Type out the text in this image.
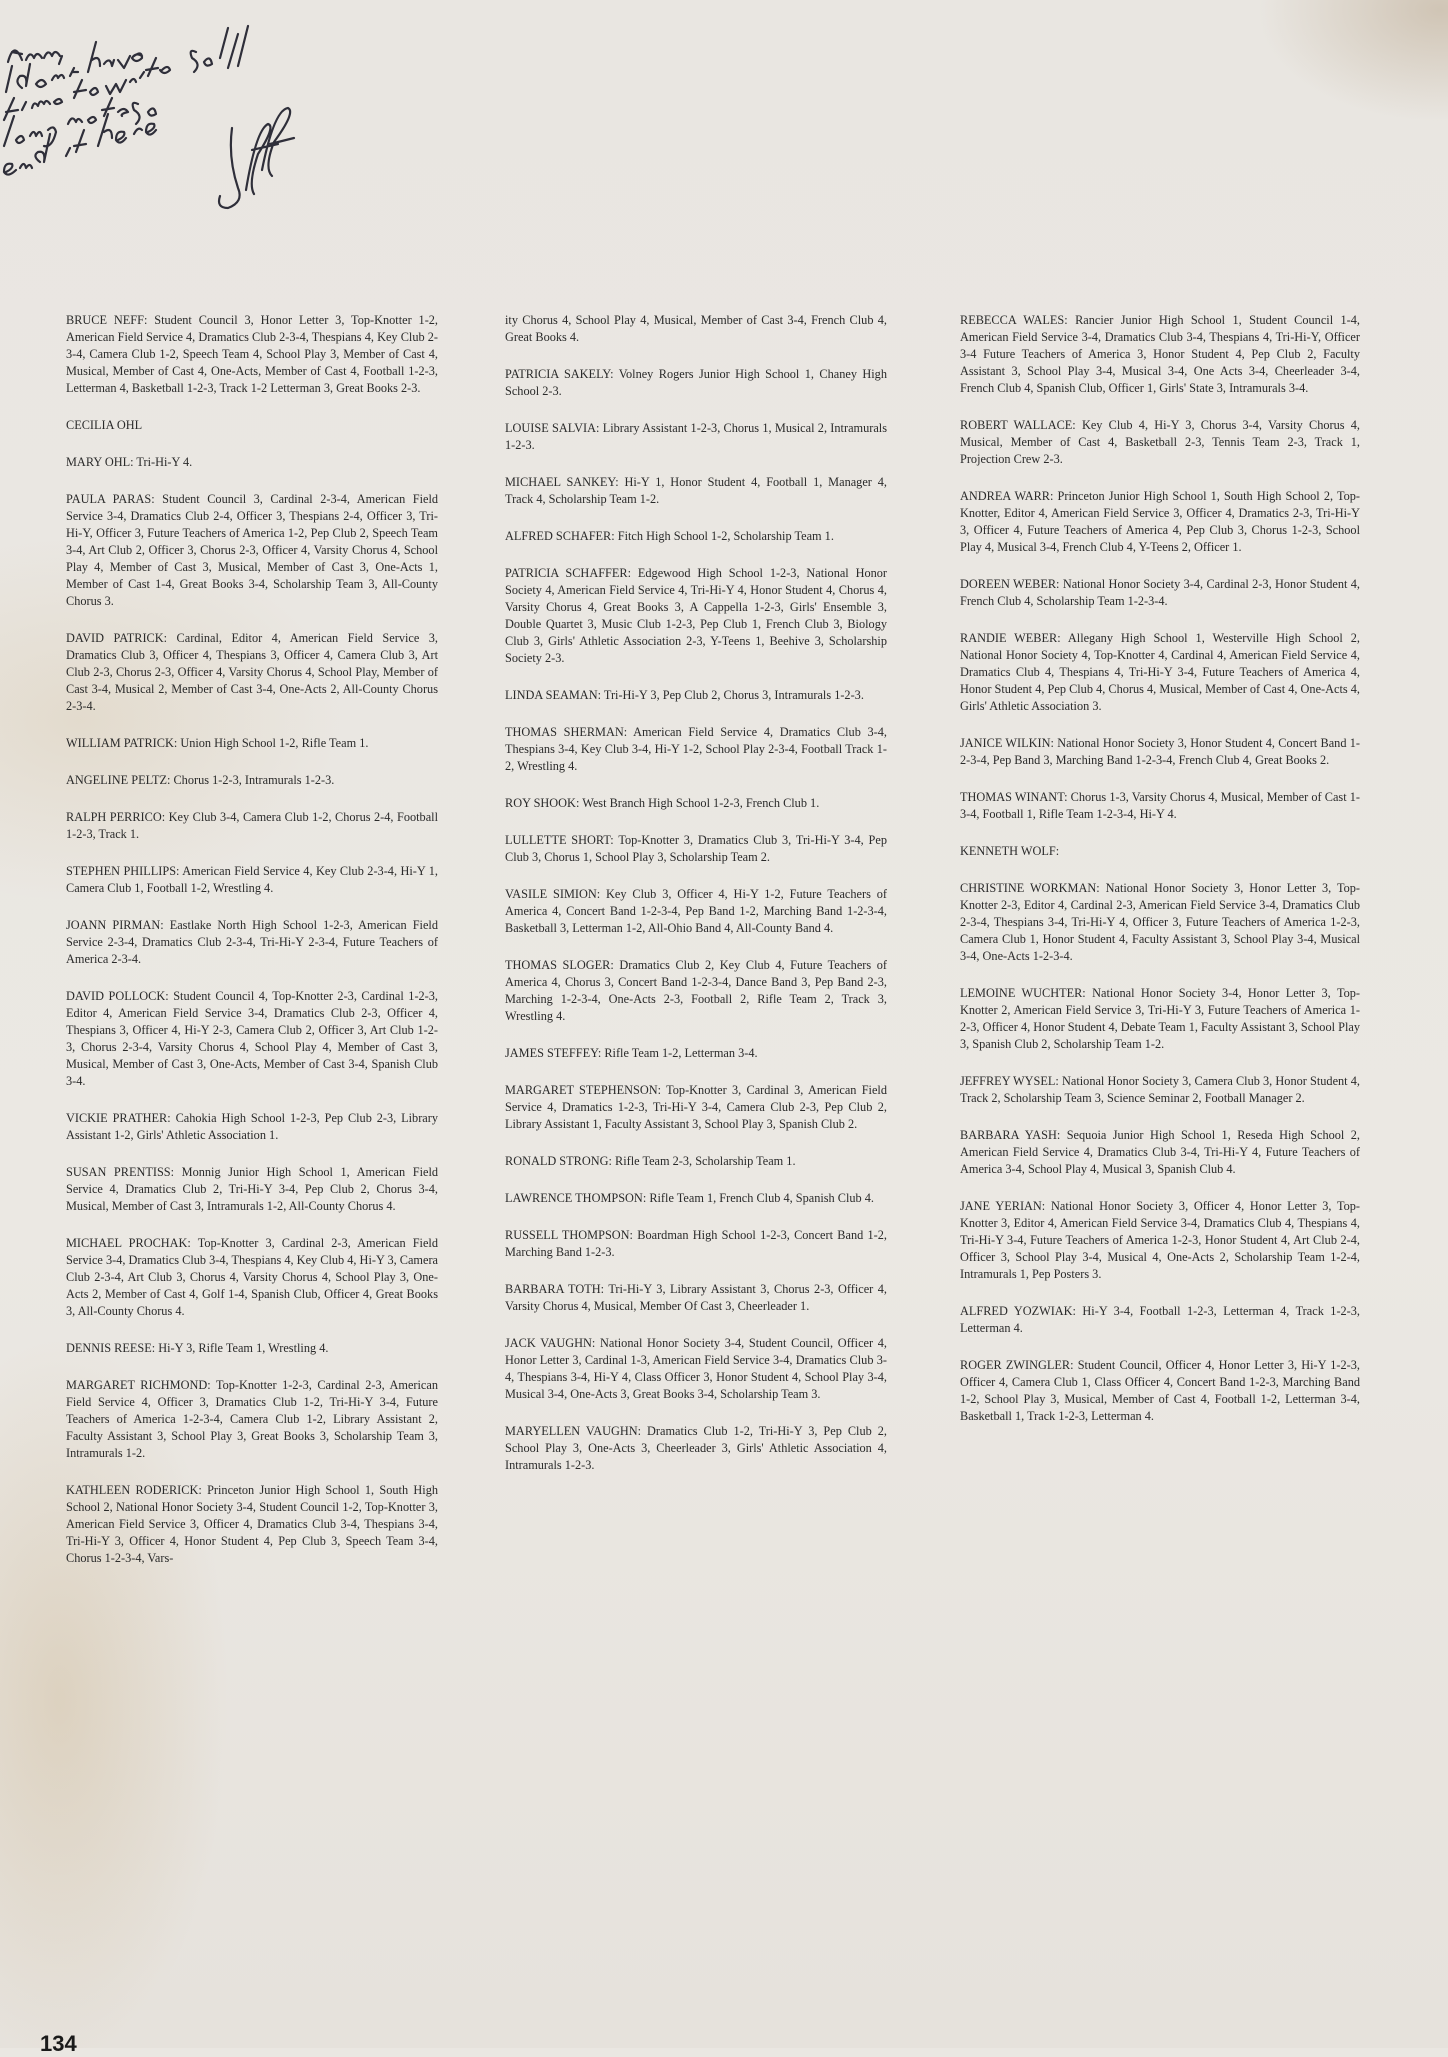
BRUCE NEFF: Student Council 3, Honor Letter 3, Top-Knotter 1-2, American Field Service 4, Dramatics Club 2-3-4, Thespians 4, Key Club 2-3-4, Camera Club 1-2, Speech Team 4, School Play 3, Member of Cast 4, Musical, Member of Cast 4, One-Acts, Member of Cast 4, Football 1-2-3, Letterman 4, Basketball 1-2-3, Track 1-2 Letterman 3, Great Books 2-3.

CECILIA OHL

MARY OHL: Tri-Hi-Y 4.

PAULA PARAS: Student Council 3, Cardinal 2-3-4, American Field Service 3-4, Dramatics Club 2-4, Officer 3, Thespians 2-4, Officer 3, Tri-Hi-Y, Officer 3, Future Teachers of America 1-2, Pep Club 2, Speech Team 3-4, Art Club 2, Officer 3, Chorus 2-3, Officer 4, Varsity Chorus 4, School Play 4, Member of Cast 3, Musical, Member of Cast 3, One-Acts 1, Member of Cast 1-4, Great Books 3-4, Scholarship Team 3, All-County Chorus 3.

DAVID PATRICK: Cardinal, Editor 4, American Field Service 3, Dramatics Club 3, Officer 4, Thespians 3, Officer 4, Camera Club 3, Art Club 2-3, Chorus 2-3, Officer 4, Varsity Chorus 4, School Play, Member of Cast 3-4, Musical 2, Member of Cast 3-4, One-Acts 2, All-County Chorus 2-3-4.

WILLIAM PATRICK: Union High School 1-2, Rifle Team 1.

ANGELINE PELTZ: Chorus 1-2-3, Intramurals 1-2-3.

RALPH PERRICO: Key Club 3-4, Camera Club 1-2, Chorus 2-4, Football 1-2-3, Track 1.

STEPHEN PHILLIPS: American Field Service 4, Key Club 2-3-4, Hi-Y 1, Camera Club 1, Football 1-2, Wrestling 4.

JOANN PIRMAN: Eastlake North High School 1-2-3, American Field Service 2-3-4, Dramatics Club 2-3-4, Tri-Hi-Y 2-3-4, Future Teachers of America 2-3-4.

DAVID POLLOCK: Student Council 4, Top-Knotter 2-3, Cardinal 1-2-3, Editor 4, American Field Service 3-4, Dramatics Club 2-3, Officer 4, Thespians 3, Officer 4, Hi-Y 2-3, Camera Club 2, Officer 3, Art Club 1-2-3, Chorus 2-3-4, Varsity Chorus 4, School Play 4, Member of Cast 3, Musical, Member of Cast 3, One-Acts, Member of Cast 3-4, Spanish Club 3-4.

VICKIE PRATHER: Cahokia High School 1-2-3, Pep Club 2-3, Library Assistant 1-2, Girls' Athletic Association 1.

SUSAN PRENTISS: Monnig Junior High School 1, American Field Service 4, Dramatics Club 2, Tri-Hi-Y 3-4, Pep Club 2, Chorus 3-4, Musical, Member of Cast 3, Intramurals 1-2, All-County Chorus 4.

MICHAEL PROCHAK: Top-Knotter 3, Cardinal 2-3, American Field Service 3-4, Dramatics Club 3-4, Thespians 4, Key Club 4, Hi-Y 3, Camera Club 2-3-4, Art Club 3, Chorus 4, Varsity Chorus 4, School Play 3, One-Acts 2, Member of Cast 4, Golf 1-4, Spanish Club, Officer 4, Great Books 3, All-County Chorus 4.

DENNIS REESE: Hi-Y 3, Rifle Team 1, Wrestling 4.

MARGARET RICHMOND: Top-Knotter 1-2-3, Cardinal 2-3, American Field Service 4, Officer 3, Dramatics Club 1-2, Tri-Hi-Y 3-4, Future Teachers of America 1-2-3-4, Camera Club 1-2, Library Assistant 2, Faculty Assistant 3, School Play 3, Great Books 3, Scholarship Team 3, Intramurals 1-2.

KATHLEEN RODERICK: Princeton Junior High School 1, South High School 2, National Honor Society 3-4, Student Council 1-2, Top-Knotter 3, American Field Service 3, Officer 4, Dramatics Club 3-4, Thespians 3-4, Tri-Hi-Y 3, Officer 4, Honor Student 4, Pep Club 3, Speech Team 3-4, Chorus 1-2-3-4, Vars-

ity Chorus 4, School Play 4, Musical, Member of Cast 3-4, French Club 4, Great Books 4.

PATRICIA SAKELY: Volney Rogers Junior High School 1, Chaney High School 2-3.

LOUISE SALVIA: Library Assistant 1-2-3, Chorus 1, Musical 2, Intramurals 1-2-3.

MICHAEL SANKEY: Hi-Y 1, Honor Student 4, Football 1, Manager 4, Track 4, Scholarship Team 1-2.

ALFRED SCHAFER: Fitch High School 1-2, Scholarship Team 1.

PATRICIA SCHAFFER: Edgewood High School 1-2-3, National Honor Society 4, American Field Service 4, Tri-Hi-Y 4, Honor Student 4, Chorus 4, Varsity Chorus 4, Great Books 3, A Cappella 1-2-3, Girls' Ensemble 3, Double Quartet 3, Music Club 1-2-3, Pep Club 1, French Club 3, Biology Club 3, Girls' Athletic Association 2-3, Y-Teens 1, Beehive 3, Scholarship Society 2-3.

LINDA SEAMAN: Tri-Hi-Y 3, Pep Club 2, Chorus 3, Intramurals 1-2-3.

THOMAS SHERMAN: American Field Service 4, Dramatics Club 3-4, Thespians 3-4, Key Club 3-4, Hi-Y 1-2, School Play 2-3-4, Football Track 1-2, Wrestling 4.

ROY SHOOK: West Branch High School 1-2-3, French Club 1.

LULLETTE SHORT: Top-Knotter 3, Dramatics Club 3, Tri-Hi-Y 3-4, Pep Club 3, Chorus 1, School Play 3, Scholarship Team 2.

VASILE SIMION: Key Club 3, Officer 4, Hi-Y 1-2, Future Teachers of America 4, Concert Band 1-2-3-4, Pep Band 1-2, Marching Band 1-2-3-4, Basketball 3, Letterman 1-2, All-Ohio Band 4, All-County Band 4.

THOMAS SLOGER: Dramatics Club 2, Key Club 4, Future Teachers of America 4, Chorus 3, Concert Band 1-2-3-4, Dance Band 3, Pep Band 2-3, Marching 1-2-3-4, One-Acts 2-3, Football 2, Rifle Team 2, Track 3, Wrestling 4.

JAMES STEFFEY: Rifle Team 1-2, Letterman 3-4.

MARGARET STEPHENSON: Top-Knotter 3, Cardinal 3, American Field Service 4, Dramatics 1-2-3, Tri-Hi-Y 3-4, Camera Club 2-3, Pep Club 2, Library Assistant 1, Faculty Assistant 3, School Play 3, Spanish Club 2.

RONALD STRONG: Rifle Team 2-3, Scholarship Team 1.

LAWRENCE THOMPSON: Rifle Team 1, French Club 4, Spanish Club 4.

RUSSELL THOMPSON: Boardman High School 1-2-3, Concert Band 1-2, Marching Band 1-2-3.

BARBARA TOTH: Tri-Hi-Y 3, Library Assistant 3, Chorus 2-3, Officer 4, Varsity Chorus 4, Musical, Member Of Cast 3, Cheerleader 1.

JACK VAUGHN: National Honor Society 3-4, Student Council, Officer 4, Honor Letter 3, Cardinal 1-3, American Field Service 3-4, Dramatics Club 3-4, Thespians 3-4, Hi-Y 4, Class Officer 3, Honor Student 4, School Play 3-4, Musical 3-4, One-Acts 3, Great Books 3-4, Scholarship Team 3.

MARYELLEN VAUGHN: Dramatics Club 1-2, Tri-Hi-Y 3, Pep Club 2, School Play 3, One-Acts 3, Cheerleader 3, Girls' Athletic Association 4, Intramurals 1-2-3.

REBECCA WALES: Rancier Junior High School 1, Student Council 1-4, American Field Service 3-4, Dramatics Club 3-4, Thespians 4, Tri-Hi-Y, Officer 3-4 Future Teachers of America 3, Honor Student 4, Pep Club 2, Faculty Assistant 3, School Play 3-4, Musical 3-4, One Acts 3-4, Cheerleader 3-4, French Club 4, Spanish Club, Officer 1, Girls' State 3, Intramurals 3-4.

ROBERT WALLACE: Key Club 4, Hi-Y 3, Chorus 3-4, Varsity Chorus 4, Musical, Member of Cast 4, Basketball 2-3, Tennis Team 2-3, Track 1, Projection Crew 2-3.

ANDREA WARR: Princeton Junior High School 1, South High School 2, Top-Knotter, Editor 4, American Field Service 3, Officer 4, Dramatics 2-3, Tri-Hi-Y 3, Officer 4, Future Teachers of America 4, Pep Club 3, Chorus 1-2-3, School Play 4, Musical 3-4, French Club 4, Y-Teens 2, Officer 1.

DOREEN WEBER: National Honor Society 3-4, Cardinal 2-3, Honor Student 4, French Club 4, Scholarship Team 1-2-3-4.

RANDIE WEBER: Allegany High School 1, Westerville High School 2, National Honor Society 4, Top-Knotter 4, Cardinal 4, American Field Service 4, Dramatics Club 4, Thespians 4, Tri-Hi-Y 3-4, Future Teachers of America 4, Honor Student 4, Pep Club 4, Chorus 4, Musical, Member of Cast 4, One-Acts 4, Girls' Athletic Association 3.

JANICE WILKIN: National Honor Society 3, Honor Student 4, Concert Band 1-2-3-4, Pep Band 3, Marching Band 1-2-3-4, French Club 4, Great Books 2.

THOMAS WINANT: Chorus 1-3, Varsity Chorus 4, Musical, Member of Cast 1-3-4, Football 1, Rifle Team 1-2-3-4, Hi-Y 4.

KENNETH WOLF:

CHRISTINE WORKMAN: National Honor Society 3, Honor Letter 3, Top-Knotter 2-3, Editor 4, Cardinal 2-3, American Field Service 3-4, Dramatics Club 2-3-4, Thespians 3-4, Tri-Hi-Y 4, Officer 3, Future Teachers of America 1-2-3, Camera Club 1, Honor Student 4, Faculty Assistant 3, School Play 3-4, Musical 3-4, One-Acts 1-2-3-4.

LEMOINE WUCHTER: National Honor Society 3-4, Honor Letter 3, Top-Knotter 2, American Field Service 3, Tri-Hi-Y 3, Future Teachers of America 1-2-3, Officer 4, Honor Student 4, Debate Team 1, Faculty Assistant 3, School Play 3, Spanish Club 2, Scholarship Team 1-2.

JEFFREY WYSEL: National Honor Society 3, Camera Club 3, Honor Student 4, Track 2, Scholarship Team 3, Science Seminar 2, Football Manager 2.

BARBARA YASH: Sequoia Junior High School 1, Reseda High School 2, American Field Service 4, Dramatics Club 3-4, Tri-Hi-Y 4, Future Teachers of America 3-4, School Play 4, Musical 3, Spanish Club 4.

JANE YERIAN: National Honor Society 3, Officer 4, Honor Letter 3, Top-Knotter 3, Editor 4, American Field Service 3-4, Dramatics Club 4, Thespians 4, Tri-Hi-Y 3-4, Future Teachers of America 1-2-3, Honor Student 4, Art Club 2-4, Officer 3, School Play 3-4, Musical 4, One-Acts 2, Scholarship Team 1-2-4, Intramurals 1, Pep Posters 3.

ALFRED YOZWIAK: Hi-Y 3-4, Football 1-2-3, Letterman 4, Track 1-2-3, Letterman 4.

ROGER ZWINGLER: Student Council, Officer 4, Honor Letter 3, Hi-Y 1-2-3, Officer 4, Camera Club 1, Class Officer 4, Concert Band 1-2-3, Marching Band 1-2, School Play 3, Musical, Member of Cast 4, Football 1-2, Letterman 3-4, Basketball 1, Track 1-2-3, Letterman 4.

134
